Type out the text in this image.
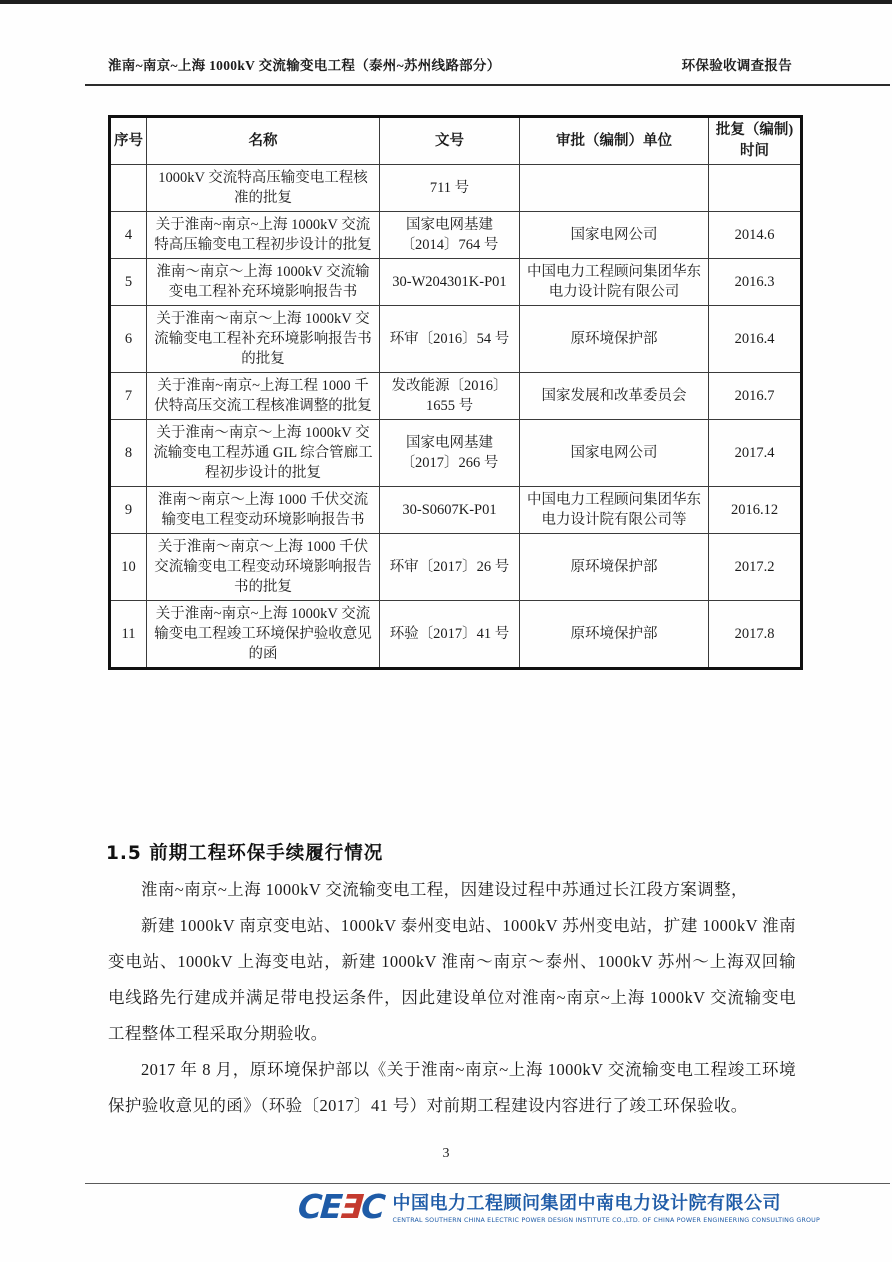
淮南~南京~上海 1000kV 交流输变电工程（泰州~苏州线路部分）	环保验收调查报告
序号	名称	文号	审批（编制）单位	批复（编制)时间
	1000kV 交流特高压输变电工程核准的批复	711 号		
4	关于淮南~南京~上海 1000kV 交流特高压输变电工程初步设计的批复	国家电网基建〔2014〕764 号	国家电网公司	2014.6
5	淮南～南京～上海 1000kV 交流输变电工程补充环境影响报告书	30-W204301K-P01	中国电力工程顾问集团华东电力设计院有限公司	2016.3
6	关于淮南～南京～上海 1000kV 交流输变电工程补充环境影响报告书的批复	环审〔2016〕54 号	原环境保护部	2016.4
7	关于淮南~南京~上海工程 1000 千伏特高压交流工程核准调整的批复	发改能源〔2016〕1655 号	国家发展和改革委员会	2016.7
8	关于淮南～南京～上海 1000kV 交流输变电工程苏通 GIL 综合管廊工程初步设计的批复	国家电网基建〔2017〕266 号	国家电网公司	2017.4
9	淮南～南京～上海 1000 千伏交流输变电工程变动环境影响报告书	30-S0607K-P01	中国电力工程顾问集团华东电力设计院有限公司等	2016.12
10	关于淮南～南京～上海 1000 千伏交流输变电工程变动环境影响报告书的批复	环审〔2017〕26 号	原环境保护部	2017.2
11	关于淮南~南京~上海 1000kV 交流输变电工程竣工环境保护验收意见的函	环验〔2017〕41 号	原环境保护部	2017.8
1.5 前期工程环保手续履行情况

淮南~南京~上海 1000kV 交流输变电工程，因建设过程中苏通过长江段方案调整，

新建 1000kV 南京变电站、1000kV 泰州变电站、1000kV 苏州变电站，扩建 1000kV 淮南变电站、1000kV 上海变电站，新建 1000kV 淮南～南京～泰州、1000kV 苏州～上海双回输电线路先行建成并满足带电投运条件，因此建设单位对淮南~南京~上海 1000kV 交流输变电工程整体工程采取分期验收。

2017 年 8 月，原环境保护部以《关于淮南~南京~上海 1000kV 交流输变电工程竣工环境保护验收意见的函》（环验〔2017〕41 号）对前期工程建设内容进行了竣工环保验收。

3
C
E
Ǝ
C 中国电力工程顾问集团中南电力设计院有限公司
CENTRAL SOUTHERN CHINA ELECTRIC POWER DESIGN INSTITUTE CO.,LTD. OF CHINA POWER ENGINEERING CONSULTING GROUP
